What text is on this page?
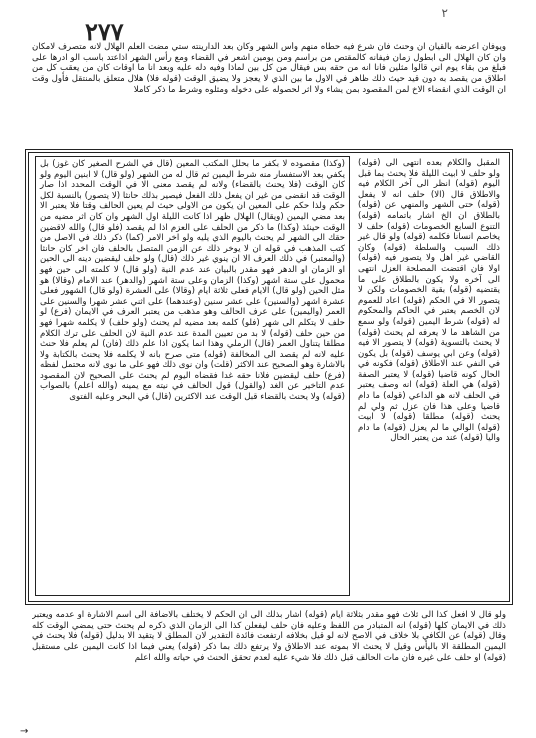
٢
٢٧٧
ويوفان أعرضه بالقيان ان وحنث فان شرع فيه حطاه منهم وأس الشهر وكان بعد الدارينته ستي مضت العلم الهلال لانه متصرف لامكان وان كان الهلال الى ابطول زمان فيفانه كالمقتص من براسم ومن يومين اشعر في القضاء ومع رأس الشهر اذاعتد باسب الو ادرها على فبلغ من بقاء يوم اني قالوا مثلين فانا انه من حقه بس فيقال من كل بين لماذا وفيه دله عليه وبعد انا ما اوقات كان من يعقب كل من اطلاق من يقصد به دون قيد حيث ذلك ظاهر في الاول ما بين الذي لا يعجز ولا يضيق الوقت (قوله فلا) هلال متعلق بالمنتقل فأول وقت ان الوقت الذي انقضاء الاخ لمن المقصود بمن يشاء ولا اثر لحصوله على دخوله ومثلوه وشرط ما ذكر كاملا
المقبل والكلام بعده انتهى الى (قوله) ولو حلف لا ابيت الليلة فلا يحنث بما قبل اليوم (قوله) انظر الى آخر الكلام فيه والاطلاق قال (الا) حلف انه لا يفعل (قوله) حتى الشهر والمنهي عن (قوله) بالطلاق ان الخ اشار باتمامه (قوله) التنوع السابع الخصومات (قوله) حلف لا يخاصم انسانا فكلمه (قوله) ولو قال غير ذلك السبب والسلطة (قوله) وكان القاضي غير اهل ولا يتصور فيه (قوله) اولا فان اقتضت المصلحة العزل انتهى الى آخره ولا يكون بالطلاق على ما يقتضيه (قوله) بقية الخصومات ولكن لا يتصور الا في الحكم (قوله) اعاد للعموم لان الخصم يعتبر في الحاكم والمحكوم له (قوله) شرط اليمين (قوله) ولو سمع من الشاهد ما لا يعرفه لم يحنث (قوله) لا يحنث بالتسوية (قوله) لا يتصور الا فيه (قوله) وعن ابي يوسف (قوله) بل يكون في النفي عند الاطلاق (قوله) فكونه في الحال كونه قاضيا (قوله) لا يعتبر الصفة (قوله) هي العلة (قوله) انه وصف يعتبر في الحلف لانه هو الداعي (قوله) ما دام قاضيا وعلى هذا فان عزل ثم ولي لم يحنث (قوله) مطلقا (قوله) لا ابيت (قوله) الوالي ما لم يعزل (قوله) ما دام واليا (قوله) عند من يعتبر الحال
(وكذا) مقصوده لا بكفر ما بحلل المكتب المعين (قال في الشرح الصغير كان غوز) بل يكفي بعد الاستفسار منه شرط اليمين ثم قال له من الشهر (ولو قال) لا ابنين اليوم ولو كان الوقت (فلا يحنث بالقضاء) ولانه لم يقصد معنى الا في الوقت المحدد اذا صار الوقت قد انقضى من غير ان يفعل ذلك الفعل فيصير بذلك حانثا (لا يتصور) بالنسبة لكل حكم ولذا حكم على المعين ان يكون من الاولى حيث لم يعين الحالف وقتا فلا يعتبر الا بعد مضي اليمين (ويقال) الهلال ظهر اذا كانت الليلة اول الشهر وان كان اثر مضيه من الوقت حينئذ (وكذا) ما ذكر من الحلف على العزم اذا لم يقصد (فلو قال) والله لاقضين حقك الى الشهر لم يحنث باليوم الذي يليه ولو اخر الامر (كما) ذكر ذلك في الاصل من كتب المذهب في قوله ان لا يوخر ذلك عن الزمن المتصل بالحلف فان اخر كان حانثا (والمعتبر) في ذلك العرف الا ان ينوي غير ذلك (قال) ولو حلف ليقضين دينه الى الحين او الزمان او الدهر فهو مقدر بالبيان عند عدم النية (ولو قال) لا كلمته الى حين فهو محمول على ستة اشهر (وكذا) الزمان وعلى ستة اشهر (والدهر) عند الامام (وقالا) هو مثل الحين (ولو قال) الايام فعلى ثلاثة ايام (وقالا) على العشرة (ولو قال) الشهور فعلى عشرة اشهر (والسنين) على عشر سنين (وعندهما) على اثني عشر شهرا والسنين على العمر (واليمين) على عرف الحالف وهو مذهب من يعتبر العرف في الايمان (فرع) لو حلف لا يتكلم الى شهر (فلو) كلمه بعد مضيه لم يحنث (ولو حلف) لا يكلمه شهرا فهو من حين حلف (قوله) لا بد من تعيين المدة عند عدم النية لان الحلف على ترك الكلام مطلقا يتناول العمر (قال) الرملي وهذا انما يكون اذا علم ذلك (فان) لم يعلم فلا حنث عليه لانه لم يقصد الى المخالفة (قوله) متى صرح بانه لا يكلمه فلا يحنث بالكتابة ولا بالاشارة وهو الصحيح عند الاكثر (قلت) وان نوى ذلك فهو على ما نوى لانه محتمل لفظه (فرع) حلف ليقضين فلانا حقه غدا فقضاه اليوم لم يحنث على الصحيح لان المقصود عدم التاخير عن الغد (والقول) قول الحالف في نيته مع يمينه (والله اعلم) بالصواب (قوله) ولا يحنث بالقضاء قبل الوقت عند الاكثرين (قال) في البحر وعليه الفتوى
ولو قال لا افعل كذا الى ثلاث فهو مقدر بثلاثة ايام (قوله) اشار بذلك الى ان الحكم لا يختلف بالاضافة الى اسم الاشارة او عدمه ويعتبر ذلك في الايمان كلها (قوله) انه المتبادر من اللفظ وعليه فان حلف ليفعلن كذا الى الزمان الذي ذكره لم يحنث حتى يمضي الوقت كله وقال (قوله) عن الكافي بلا خلاف في الاصح لانه لو قيل بخلافه ارتفعت فائدة التقدير لان المطلق لا يتقيد الا بدليل (قوله) فلا يحنث في اليمين المطلقة الا باليأس وقيل لا يحنث الا بموته عند الاطلاق ولا يرتفع ذلك بما ذكر (قوله) يعني فيما اذا كانت اليمين على مستقبل (قوله) او حلف على غيره فان مات الحالف قبل ذلك فلا شيء عليه لعدم تحقق الحنث في حياته والله اعلم
→
